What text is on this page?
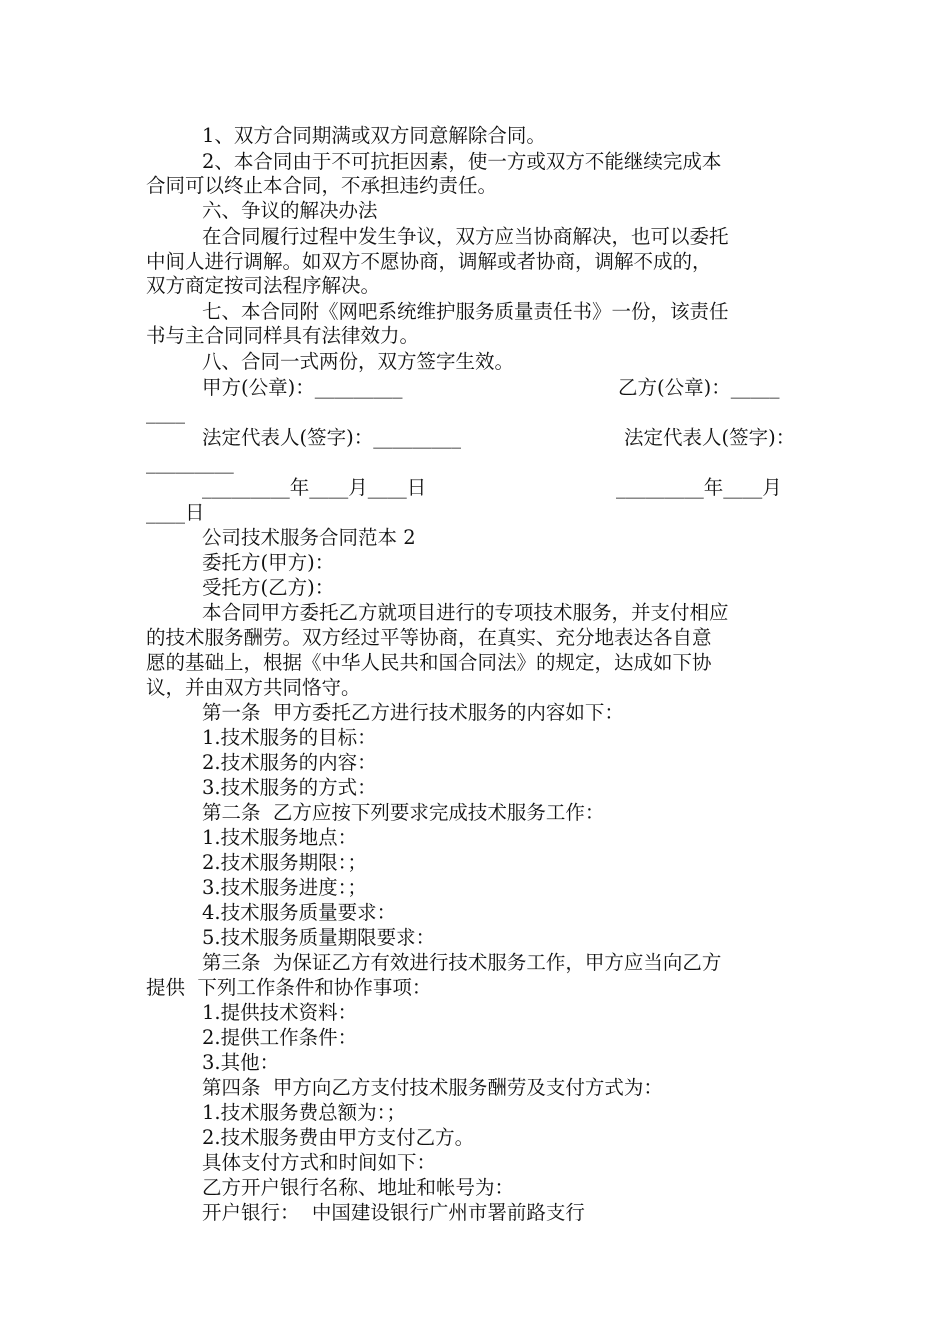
1、双方合同期满或双方同意解除合同。
2、本合同由于不可抗拒因素，使一方或双方不能继续完成本
合同可以终止本合同，不承担违约责任。
六、争议的解决办法
在合同履行过程中发生争议，双方应当协商解决，也可以委托
中间人进行调解。如双方不愿协商，调解或者协商，调解不成的，
双方商定按司法程序解决。
七、本合同附《网吧系统维护服务质量责任书》一份，该责任
书与主合同同样具有法律效力。
八、合同一式两份，双方签字生效。
甲方(公章)：_________	乙方(公章)：_____
____
法定代表人(签字)：_________	法定代表人(签字)：
_________
_________年____月____日	_________年____月
____日
公司技术服务合同范本 2
委托方(甲方)：
受托方(乙方)：
本合同甲方委托乙方就项目进行的专项技术服务，并支付相应
的技术服务酬劳。双方经过平等协商，在真实、充分地表达各自意
愿的基础上，根据《中华人民共和国合同法》的规定，达成如下协
议，并由双方共同恪守。
第一条  甲方委托乙方进行技术服务的内容如下：
1.技术服务的目标：
2.技术服务的内容：
3.技术服务的方式：
第二条  乙方应按下列要求完成技术服务工作：
1.技术服务地点：
2.技术服务期限：；
3.技术服务进度：；
4.技术服务质量要求：
5.技术服务质量期限要求：
第三条  为保证乙方有效进行技术服务工作，甲方应当向乙方
提供  下列工作条件和协作事项：
1.提供技术资料：
2.提供工作条件：
3.其他：
第四条  甲方向乙方支付技术服务酬劳及支付方式为：
1.技术服务费总额为：；
2.技术服务费由甲方支付乙方。
具体支付方式和时间如下：
乙方开户银行名称、地址和帐号为：
开户银行：  中国建设银行广州市署前路支行
